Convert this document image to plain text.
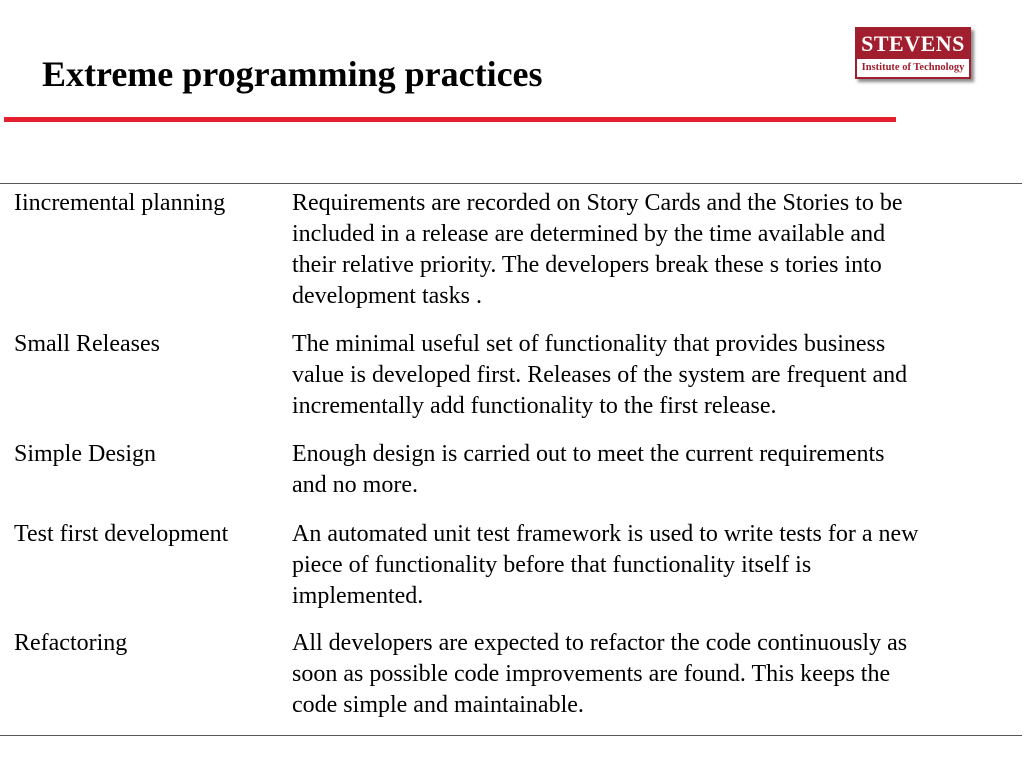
Extreme programming practices
STEVENS
Institute of Technology
Iincremental planning	Requirements are recorded on Story Cards and the Stories to be
included in a release are determined by the time available and
their relative priority. The developers break these s tories into
development tasks .
Small Releases	The minimal useful set of functionality that provides business
value is developed first. Releases of the system are frequent and
incrementally add functionality to the first release.
Simple Design	Enough design is carried out to meet the current requirements
and no more.
Test first development	An automated unit test framework is used to write tests for a new
piece of functionality before that functionality itself is
implemented.
Refactoring	All developers are expected to refactor the code continuously as
soon as possible code improvements are found. This keeps the
code simple and maintainable.
